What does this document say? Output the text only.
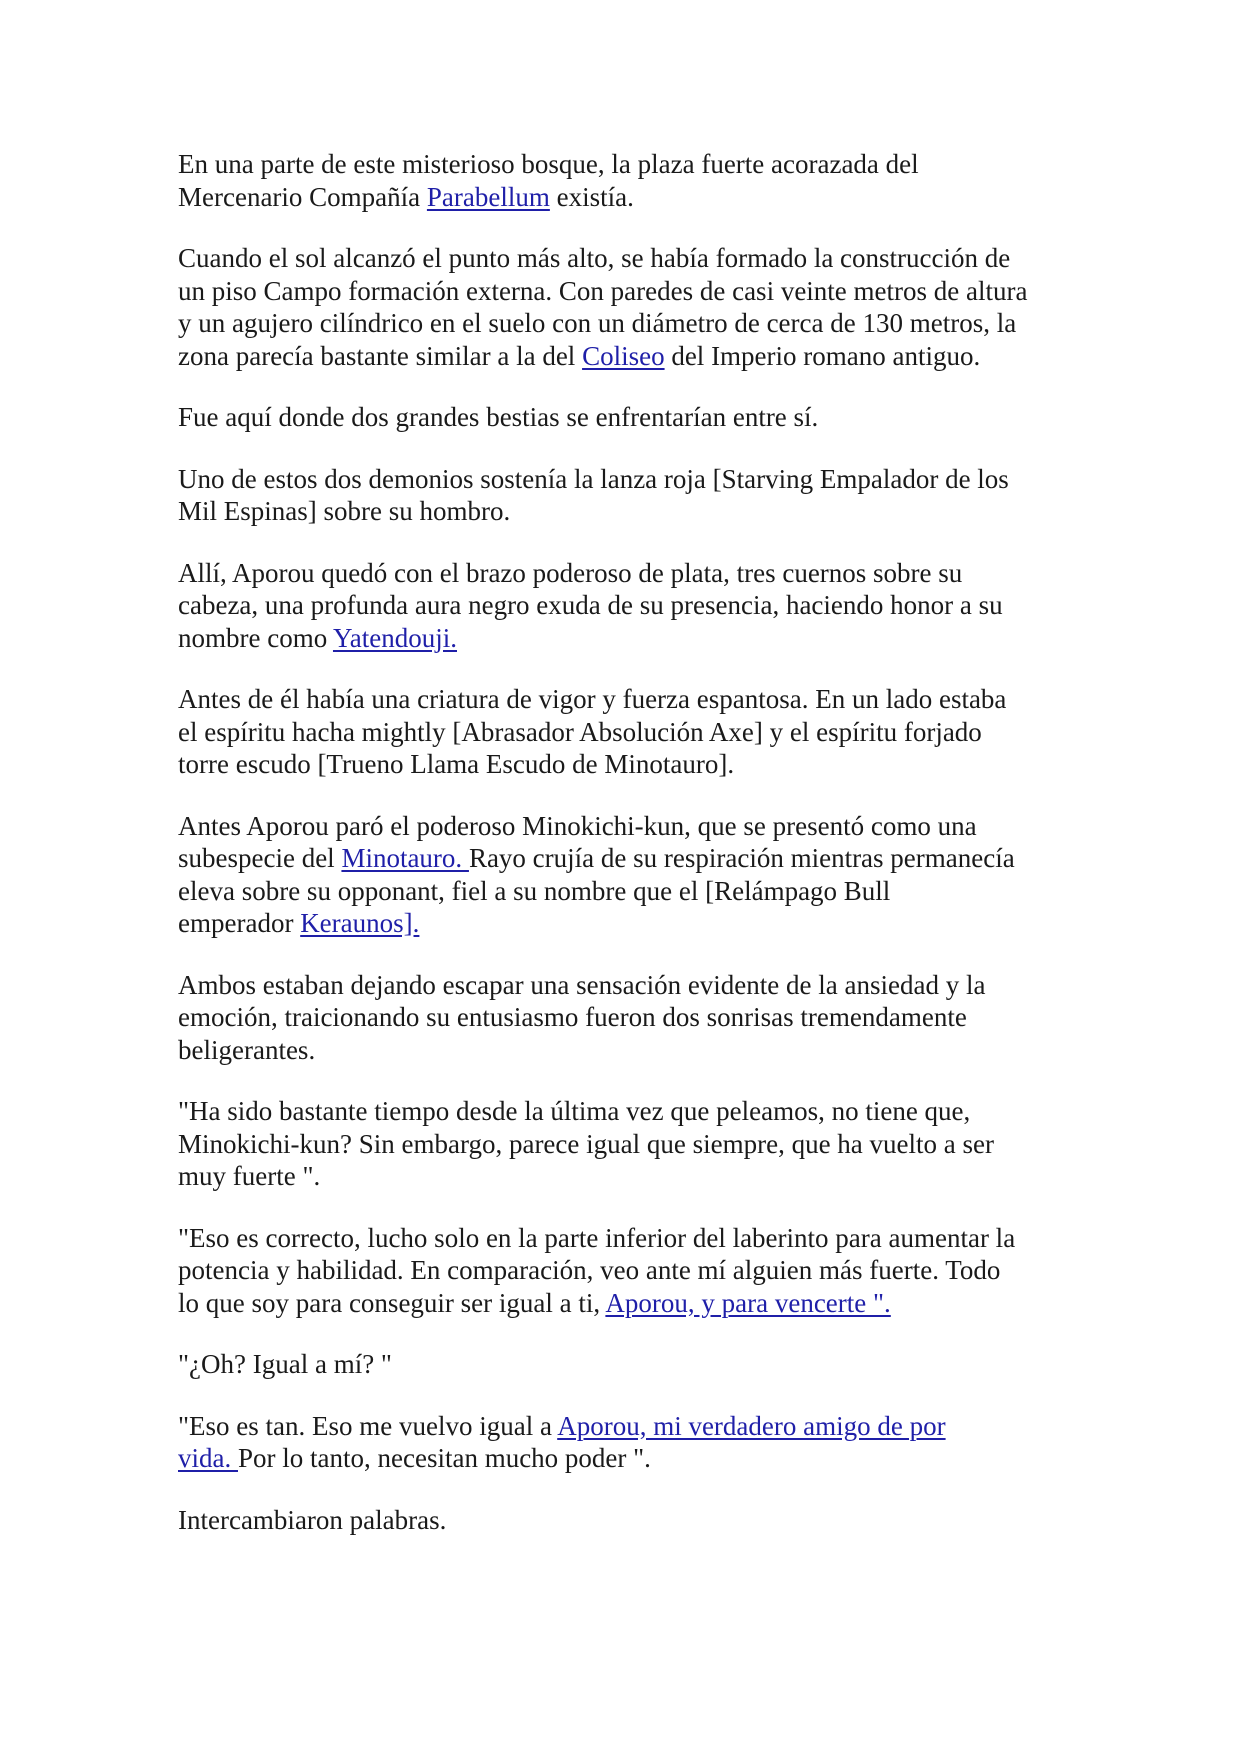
En una parte de este misterioso bosque, la plaza fuerte acorazada del
Mercenario Compañía Parabellum existía.

Cuando el sol alcanzó el punto más alto, se había formado la construcción de
un piso Campo formación externa. Con paredes de casi veinte metros de altura
y un agujero cilíndrico en el suelo con un diámetro de cerca de 130 metros, la
zona parecía bastante similar a la del Coliseo del Imperio romano antiguo.

Fue aquí donde dos grandes bestias se enfrentarían entre sí.

Uno de estos dos demonios sostenía la lanza roja [Starving Empalador de los
Mil Espinas] sobre su hombro.

Allí, Aporou quedó con el brazo poderoso de plata, tres cuernos sobre su
cabeza, una profunda aura negro exuda de su presencia, haciendo honor a su
nombre como Yatendouji.

Antes de él había una criatura de vigor y fuerza espantosa. En un lado estaba
el espíritu hacha mightly [Abrasador Absolución Axe] y el espíritu forjado
torre escudo [Trueno Llama Escudo de Minotauro].

Antes Aporou paró el poderoso Minokichi-kun, que se presentó como una
subespecie del Minotauro. Rayo crujía de su respiración mientras permanecía
eleva sobre su opponant, fiel a su nombre que el [Relámpago Bull
emperador Keraunos].

Ambos estaban dejando escapar una sensación evidente de la ansiedad y la
emoción, traicionando su entusiasmo fueron dos sonrisas tremendamente
beligerantes.

"Ha sido bastante tiempo desde la última vez que peleamos, no tiene que,
Minokichi-kun? Sin embargo, parece igual que siempre, que ha vuelto a ser
muy fuerte ".

"Eso es correcto, lucho solo en la parte inferior del laberinto para aumentar la
potencia y habilidad. En comparación, veo ante mí alguien más fuerte. Todo
lo que soy para conseguir ser igual a ti, Aporou, y para vencerte ".

"¿Oh? Igual a mí? "

"Eso es tan. Eso me vuelvo igual a Aporou, mi verdadero amigo de por
vida. Por lo tanto, necesitan mucho poder ".

Intercambiaron palabras.
